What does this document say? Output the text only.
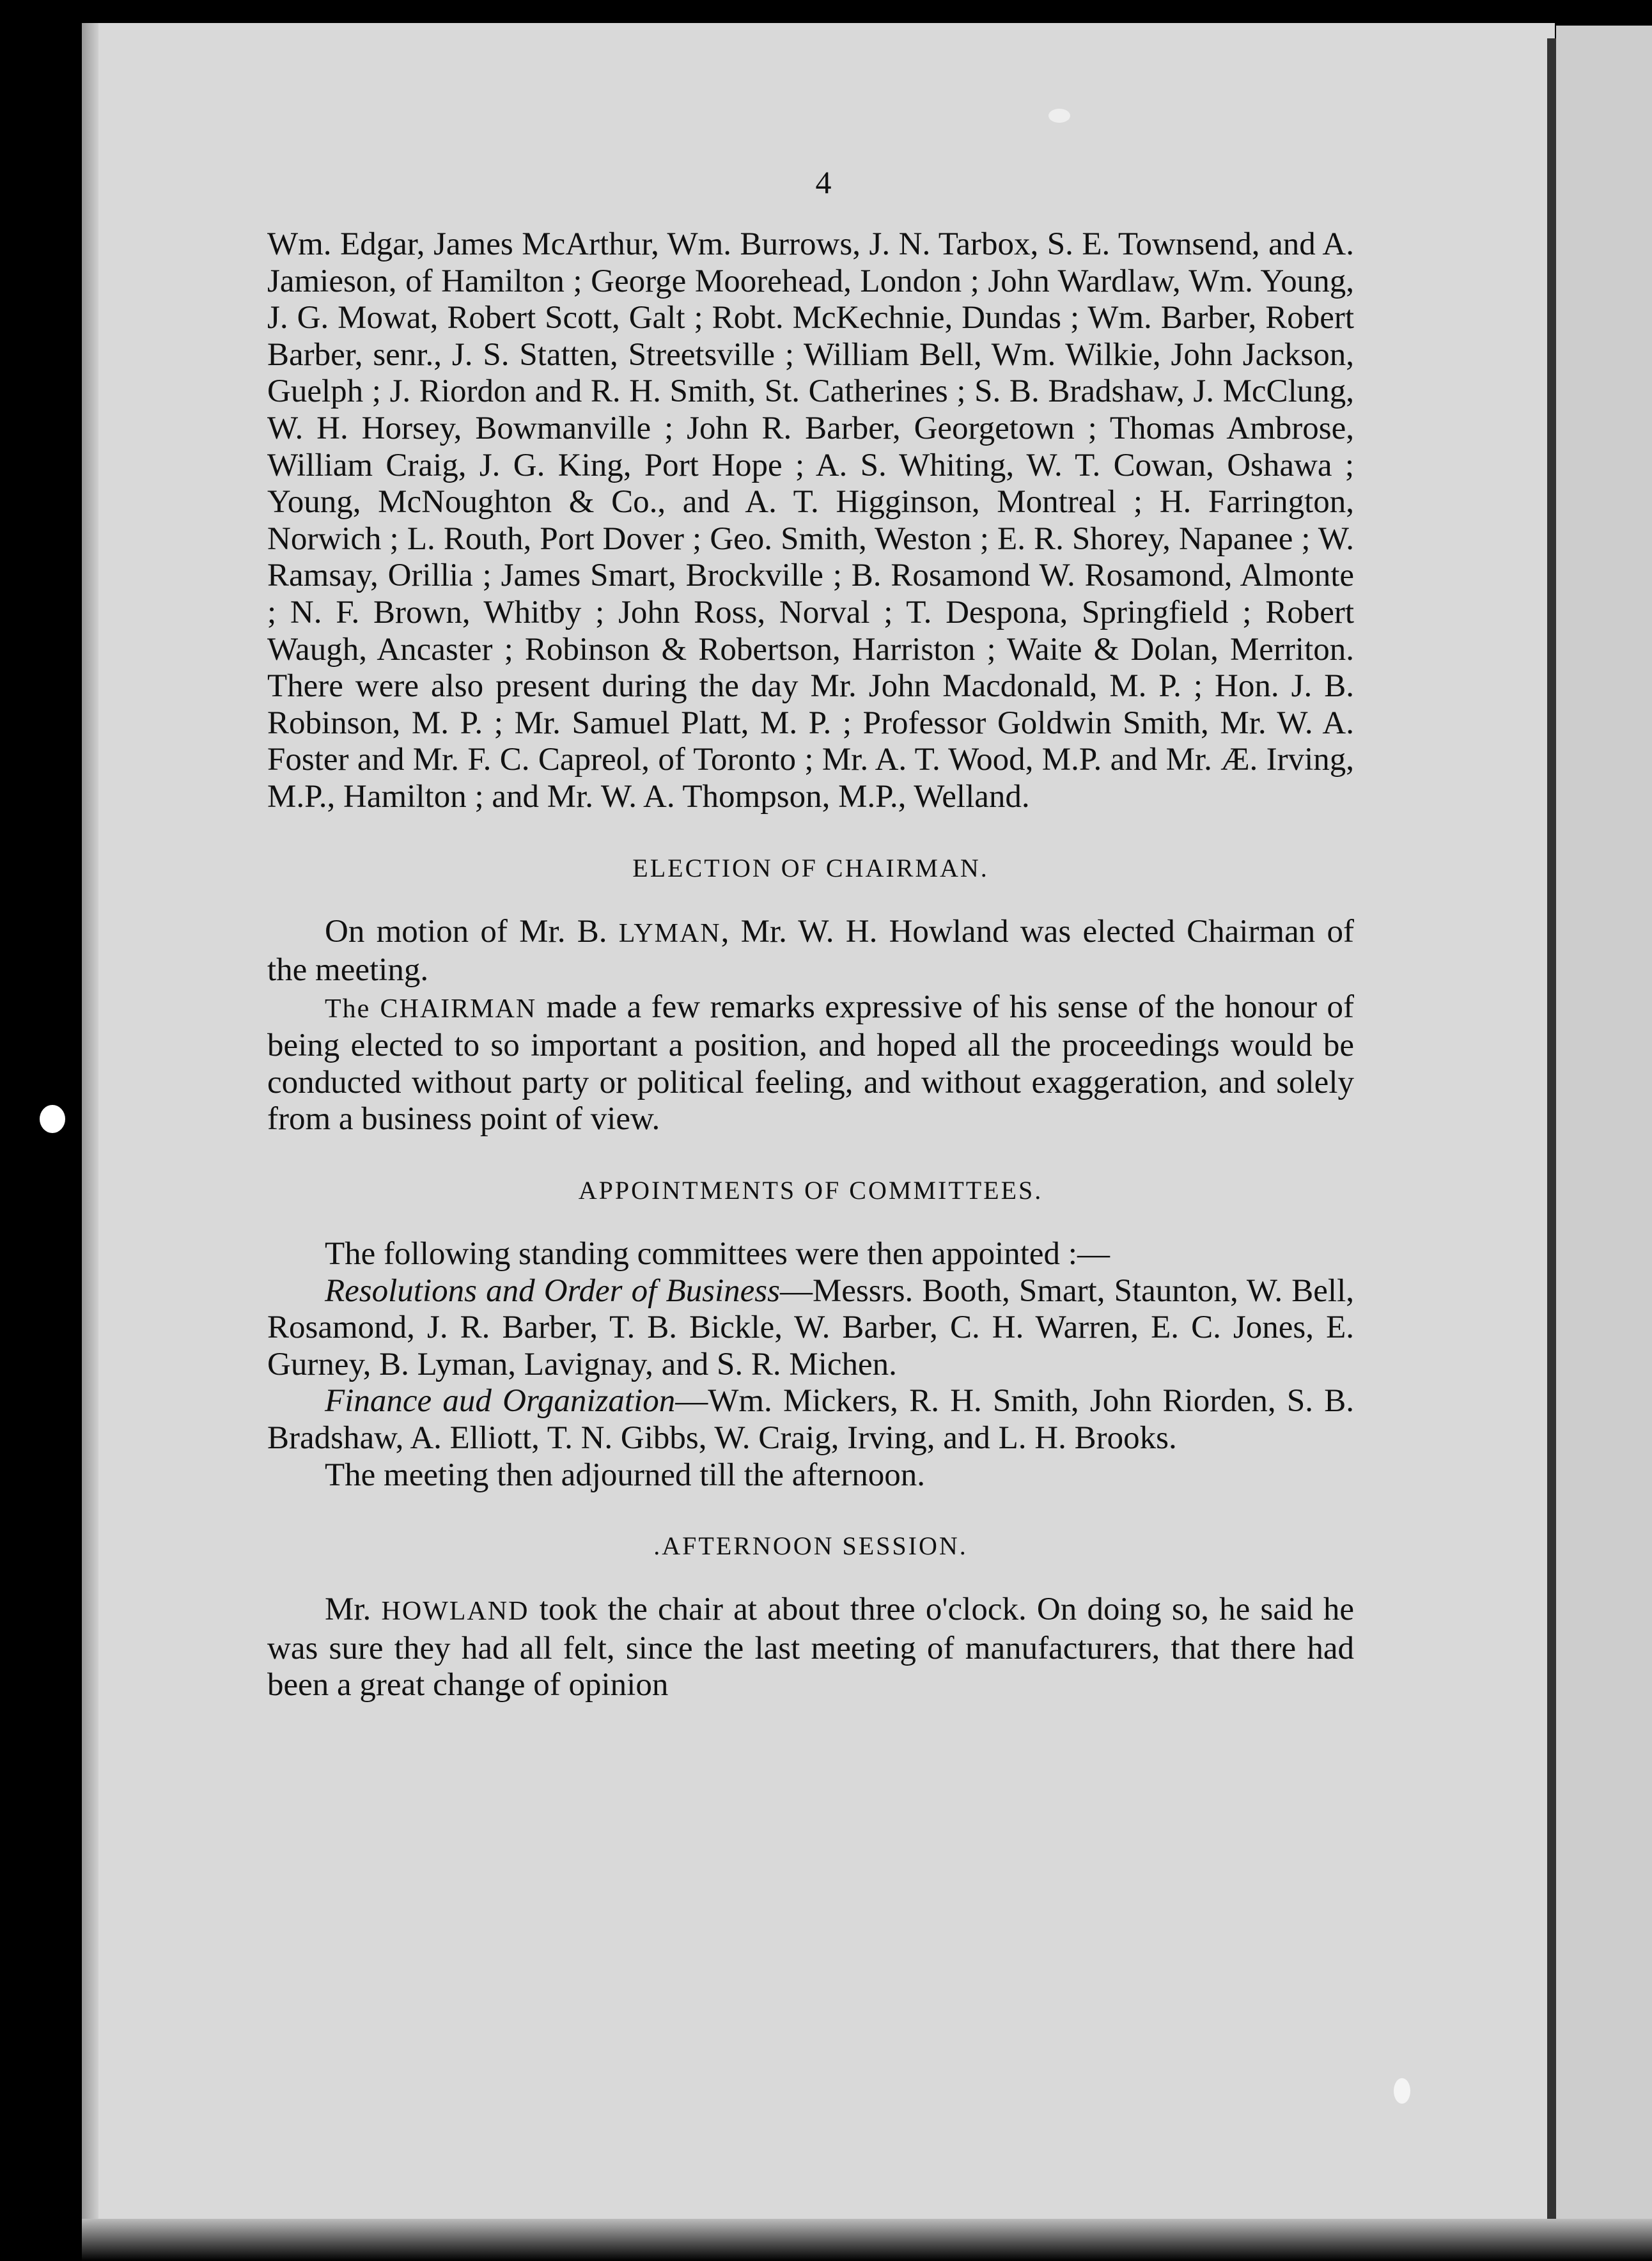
4

Wm. Edgar, James McArthur, Wm. Burrows, J. N. Tarbox, S. E. Townsend, and A. Jamieson, of Hamilton ; George Moorehead, London ; John Wardlaw, Wm. Young, J. G. Mowat, Robert Scott, Galt ; Robt. McKechnie, Dundas ; Wm. Barber, Robert Barber, senr., J. S. Statten, Streetsville ; William Bell, Wm. Wilkie, John Jackson, Guelph ; J. Riordon and R. H. Smith, St. Catherines ; S. B. Bradshaw, J. McClung, W. H. Horsey, Bowmanville ; John R. Barber, Georgetown ; Thomas Ambrose, William Craig, J. G. King, Port Hope ; A. S. Whiting, W. T. Cowan, Oshawa ; Young, McNoughton & Co., and A. T. Higginson, Montreal ; H. Farrington, Norwich ; L. Routh, Port Dover ; Geo. Smith, Weston ; E. R. Shorey, Napanee ; W. Ramsay, Orillia ; James Smart, Brockville ; B. Rosamond W. Rosamond, Almonte ; N. F. Brown, Whitby ; John Ross, Norval ; T. Despona, Springfield ; Robert Waugh, Ancaster ; Robinson & Robertson, Harriston ; Waite & Dolan, Merriton. There were also present during the day Mr. John Macdonald, M. P. ; Hon. J. B. Robinson, M. P. ; Mr. Samuel Platt, M. P. ; Professor Goldwin Smith, Mr. W. A. Foster and Mr. F. C. Capreol, of Toronto ; Mr. A. T. Wood, M.P. and Mr. Æ. Irving, M.P., Hamilton ; and Mr. W. A. Thompson, M.P., Welland.

ELECTION OF CHAIRMAN.

On motion of Mr. B. LYMAN, Mr. W. H. Howland was elected Chairman of the meeting.

The CHAIRMAN made a few remarks expressive of his sense of the honour of being elected to so important a position, and hoped all the proceedings would be conducted without party or political feeling, and without exaggeration, and solely from a business point of view.

APPOINTMENTS OF COMMITTEES.

The following standing committees were then appointed :—

Resolutions and Order of Business—Messrs. Booth, Smart, Staunton, W. Bell, Rosamond, J. R. Barber, T. B. Bickle, W. Barber, C. H. Warren, E. C. Jones, E. Gurney, B. Lyman, Lavignay, and S. R. Michen.

Finance aud Organization—Wm. Mickers, R. H. Smith, John Riorden, S. B. Bradshaw, A. Elliott, T. N. Gibbs, W. Craig, Irving, and L. H. Brooks.

The meeting then adjourned till the afternoon.

.AFTERNOON SESSION.

Mr. HOWLAND took the chair at about three o'clock. On doing so, he said he was sure they had all felt, since the last meeting of manufacturers, that there had been a great change of opinion
